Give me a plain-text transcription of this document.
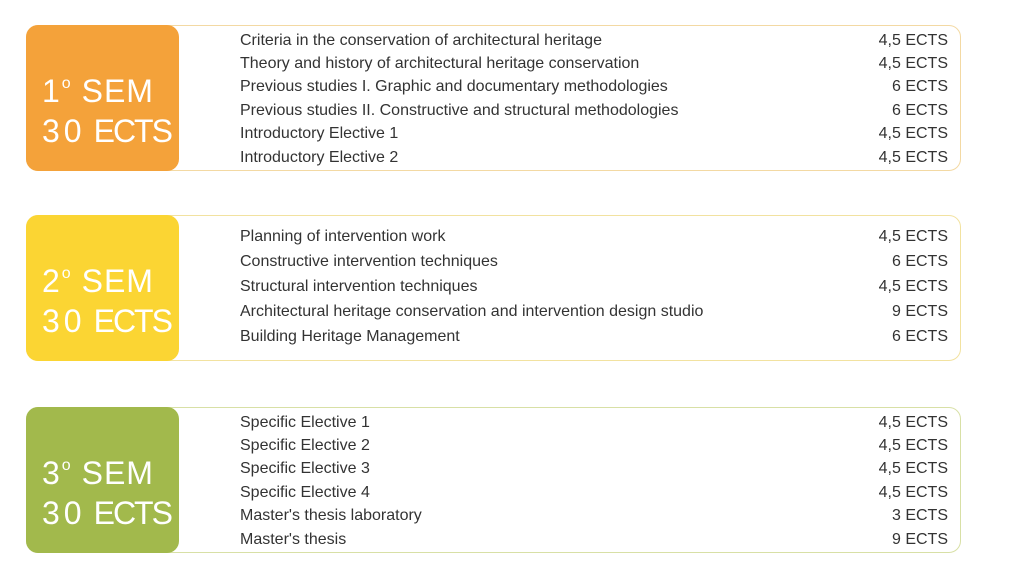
1$^o$ SEM
30 ECTS
Criteria in the conservation of architectural heritage	4,5 ECTS
Theory and history of architectural heritage conservation	4,5 ECTS
Previous studies I. Graphic and documentary methodologies	6 ECTS
Previous studies II. Constructive and structural methodologies	6 ECTS
Introductory Elective 1	4,5 ECTS
Introductory Elective 2	4,5 ECTS
2$^o$ SEM
30 ECTS
Planning of intervention work	4,5 ECTS
Constructive intervention techniques	6 ECTS
Structural intervention techniques	4,5 ECTS
Architectural heritage conservation and intervention design studio	9 ECTS
Building Heritage Management	6 ECTS
3$^o$ SEM
30 ECTS
Specific Elective 1	4,5 ECTS
Specific Elective 2	4,5 ECTS
Specific Elective 3	4,5 ECTS
Specific Elective 4	4,5 ECTS
Master's thesis laboratory	3 ECTS
Master's thesis	9 ECTS
